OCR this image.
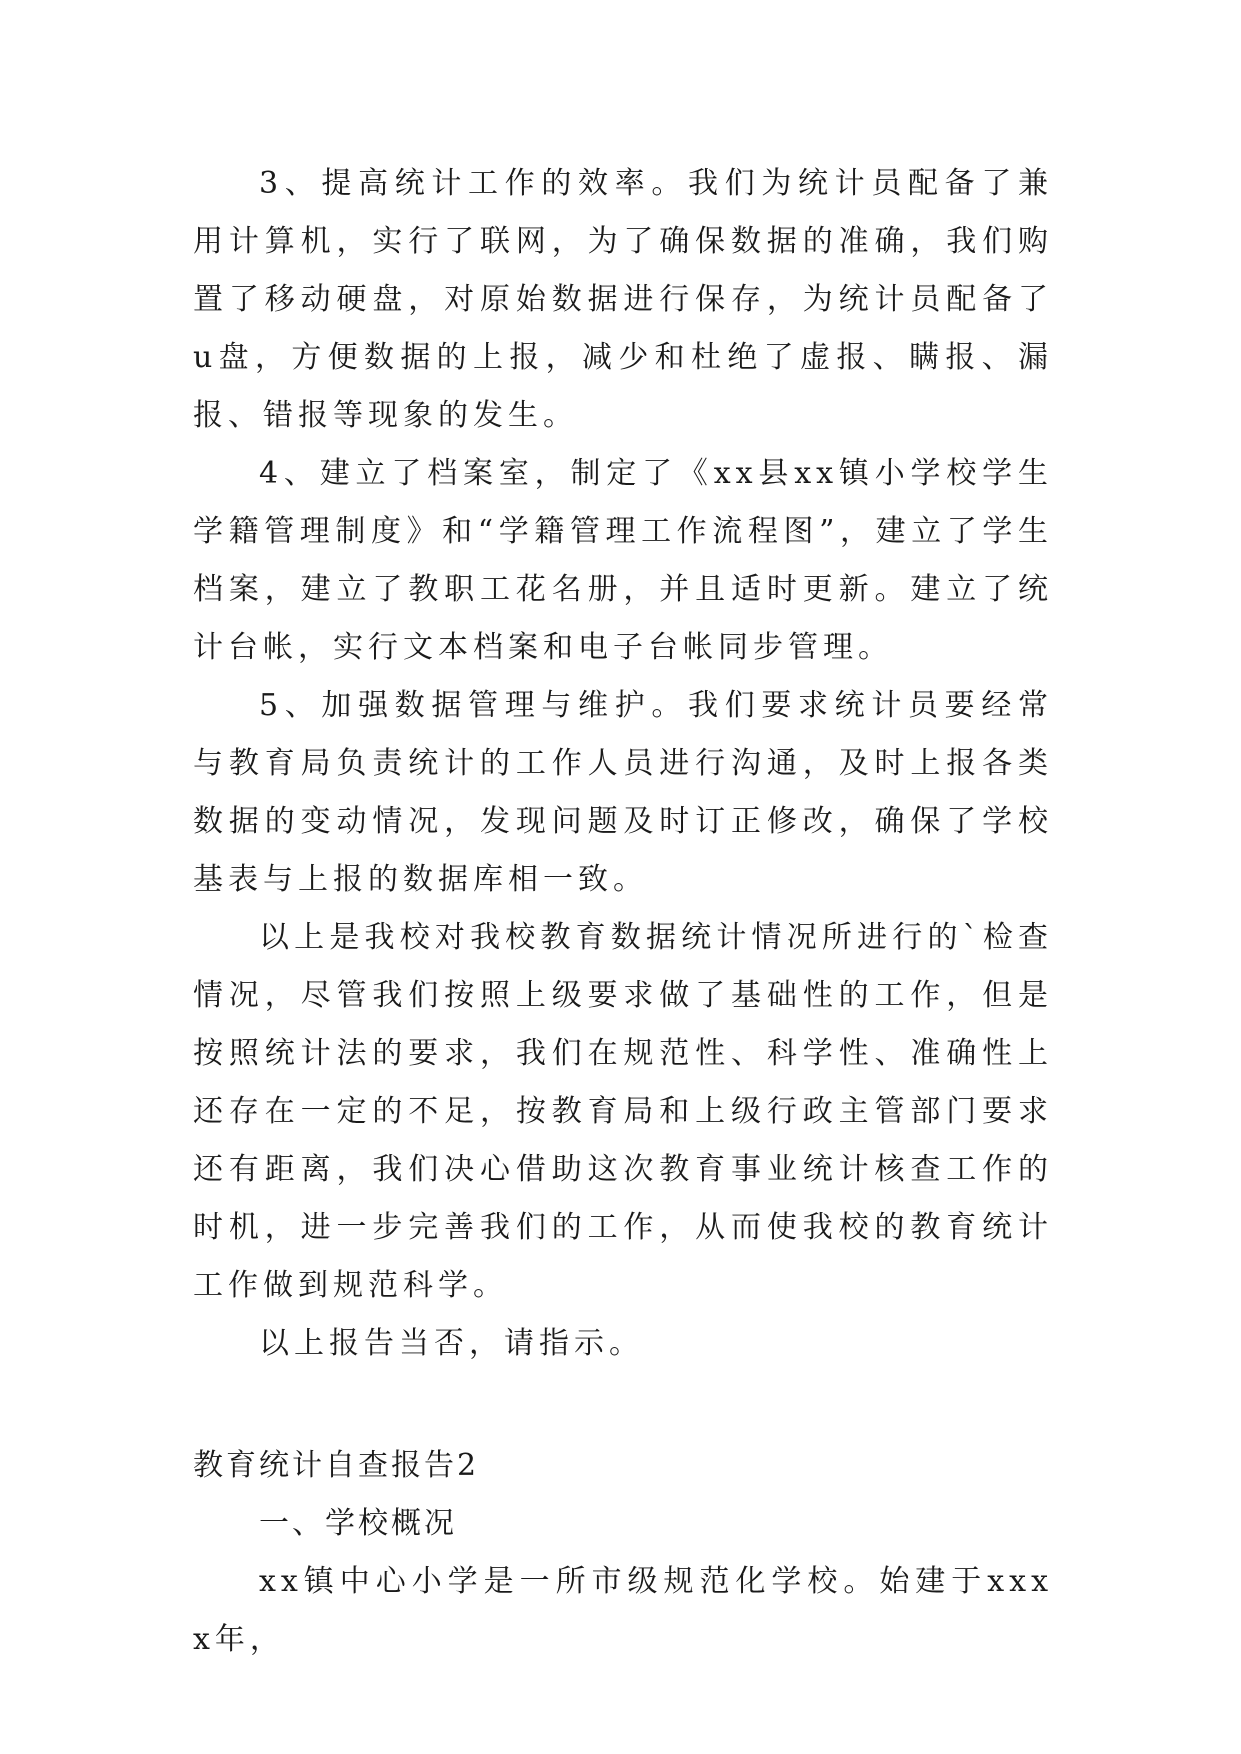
3、提高统计工作的效率。我们为统计员配备了兼用计算机，实行了联网，为了确保数据的准确，我们购置了移动硬盘，对原始数据进行保存，为统计员配备了u盘，方便数据的上报，减少和杜绝了虚报、瞒报、漏报、错报等现象的发生。

4、建立了档案室，制定了《xx县xx镇小学校学生学籍管理制度》和“学籍管理工作流程图”，建立了学生档案，建立了教职工花名册，并且适时更新。建立了统计台帐，实行文本档案和电子台帐同步管理。

5、加强数据管理与维护。我们要求统计员要经常与教育局负责统计的工作人员进行沟通，及时上报各类数据的变动情况，发现问题及时订正修改，确保了学校基表与上报的数据库相一致。

以上是我校对我校教育数据统计情况所进行的`检查情况，尽管我们按照上级要求做了基础性的工作，但是按照统计法的要求，我们在规范性、科学性、准确性上还存在一定的不足，按教育局和上级行政主管部门要求还有距离，我们决心借助这次教育事业统计核查工作的时机，进一步完善我们的工作，从而使我校的教育统计工作做到规范科学。

以上报告当否，请指示。

教育统计自查报告2

一、学校概况

xx镇中心小学是一所市级规范化学校。始建于xxxx年，
